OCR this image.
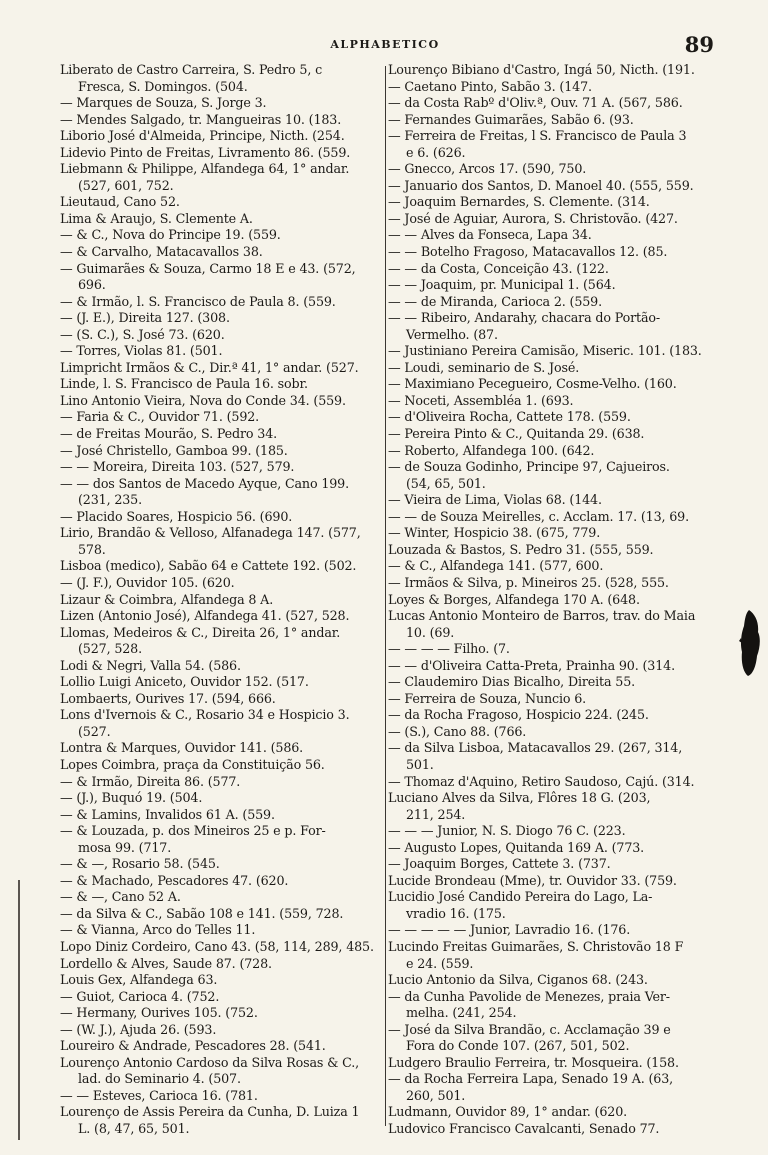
ALPHABETICO	89
Liberato de Castro Carreira, S. Pedro 5, c
Fresca, S. Domingos. (504.
— Marques de Souza, S. Jorge 3.
— Mendes Salgado, tr. Mangueiras 10. (183.
Liborio José d'Almeida, Principe, Nicth. (254.
Lidevio Pinto de Freitas, Livramento 86. (559.
Liebmann & Philippe, Alfandega 64, 1° andar.
(527, 601, 752.
Lieutaud, Cano 52.
Lima & Araujo, S. Clemente A.
— & C., Nova do Principe 19. (559.
— & Carvalho, Matacavallos 38.
— Guimarães & Souza, Carmo 18 E e 43. (572,
696.
— & Irmão, l. S. Francisco de Paula 8. (559.
— (J. E.), Direita 127. (308.
— (S. C.), S. José 73. (620.
— Torres, Violas 81. (501.
Limpricht Irmãos & C., Dir.ª 41, 1° andar. (527.
Linde, l. S. Francisco de Paula 16. sobr.
Lino Antonio Vieira, Nova do Conde 34. (559.
— Faria & C., Ouvidor 71. (592.
— de Freitas Mourão, S. Pedro 34.
— José Christello, Gamboa 99. (185.
— — Moreira, Direita 103. (527, 579.
— — dos Santos de Macedo Ayque, Cano 199.
(231, 235.
— Placido Soares, Hospicio 56. (690.
Lirio, Brandão & Velloso, Alfanadega 147. (577,
578.
Lisboa (medico), Sabão 64 e Cattete 192. (502.
— (J. F.), Ouvidor 105. (620.
Lizaur & Coimbra, Alfandega 8 A.
Lizen (Antonio José), Alfandega 41. (527, 528.
Llomas, Medeiros & C., Direita 26, 1° andar.
(527, 528.
Lodi & Negri, Valla 54. (586.
Lollio Luigi Aniceto, Ouvidor 152. (517.
Lombaerts, Ourives 17. (594, 666.
Lons d'Ivernois & C., Rosario 34 e Hospicio 3.
(527.
Lontra & Marques, Ouvidor 141. (586.
Lopes Coimbra, praça da Constituição 56.
— & Irmão, Direita 86. (577.
— (J.), Buquó 19. (504.
— & Lamins, Invalidos 61 A. (559.
— & Louzada, p. dos Mineiros 25 e p. For-
mosa 99. (717.
— & —, Rosario 58. (545.
— & Machado, Pescadores 47. (620.
— & —, Cano 52 A.
— da Silva & C., Sabão 108 e 141. (559, 728.
— & Vianna, Arco do Telles 11.
Lopo Diniz Cordeiro, Cano 43. (58, 114, 289, 485.
Lordello & Alves, Saude 87. (728.
Louis Gex, Alfandega 63.
— Guiot, Carioca 4. (752.
— Hermany, Ourives 105. (752.
— (W. J.), Ajuda 26. (593.
Loureiro & Andrade, Pescadores 28. (541.
Lourenço Antonio Cardoso da Silva Rosas & C.,
lad. do Seminario 4. (507.
— — Esteves, Carioca 16. (781.
Lourenço de Assis Pereira da Cunha, D. Luiza 1
L. (8, 47, 65, 501.
Lourenço Bibiano d'Castro, Ingá 50, Nicth. (191.
— Caetano Pinto, Sabão 3. (147.
— da Costa Rabº d'Oliv.ª, Ouv. 71 A. (567, 586.
— Fernandes Guimarães, Sabão 6. (93.
— Ferreira de Freitas, l S. Francisco de Paula 3
e 6. (626.
— Gnecco, Arcos 17. (590, 750.
— Januario dos Santos, D. Manoel 40. (555, 559.
— Joaquim Bernardes, S. Clemente. (314.
— José de Aguiar, Aurora, S. Christovão. (427.
— — Alves da Fonseca, Lapa 34.
— — Botelho Fragoso, Matacavallos 12. (85.
— — da Costa, Conceição 43. (122.
— — Joaquim, pr. Municipal 1. (564.
— — de Miranda, Carioca 2. (559.
— — Ribeiro, Andarahy, chacara do Portão-
Vermelho. (87.
— Justiniano Pereira Camisão, Miseric. 101. (183.
— Loudi, seminario de S. José.
— Maximiano Pecegueiro, Cosme-Velho. (160.
— Noceti, Assembléa 1. (693.
— d'Oliveira Rocha, Cattete 178. (559.
— Pereira Pinto & C., Quitanda 29. (638.
— Roberto, Alfandega 100. (642.
— de Souza Godinho, Principe 97, Cajueiros.
(54, 65, 501.
— Vieira de Lima, Violas 68. (144.
— — de Souza Meirelles, c. Acclam. 17. (13, 69.
— Winter, Hospicio 38. (675, 779.
Louzada & Bastos, S. Pedro 31. (555, 559.
— & C., Alfandega 141. (577, 600.
— Irmãos & Silva, p. Mineiros 25. (528, 555.
Loyes & Borges, Alfandega 170 A. (648.
Lucas Antonio Monteiro de Barros, trav. do Maia
10. (69.
— — — — Filho. (7.
— — d'Oliveira Catta-Preta, Prainha 90. (314.
— Claudemiro Dias Bicalho, Direita 55.
— Ferreira de Souza, Nuncio 6.
— da Rocha Fragoso, Hospicio 224. (245.
— (S.), Cano 88. (766.
— da Silva Lisboa, Matacavallos 29. (267, 314,
501.
— Thomaz d'Aquino, Retiro Saudoso, Cajú. (314.
Luciano Alves da Silva, Flôres 18 G. (203,
211, 254.
— — — Junior, N. S. Diogo 76 C. (223.
— Augusto Lopes, Quitanda 169 A. (773.
— Joaquim Borges, Cattete 3. (737.
Lucide Brondeau (Mme), tr. Ouvidor 33. (759.
Lucidio José Candido Pereira do Lago, La-
vradio 16. (175.
— — — — — Junior, Lavradio 16. (176.
Lucindo Freitas Guimarães, S. Christovão 18 F
e 24. (559.
Lucio Antonio da Silva, Ciganos 68. (243.
— da Cunha Pavolide de Menezes, praia Ver-
melha. (241, 254.
— José da Silva Brandão, c. Acclamação 39 e
Fora do Conde 107. (267, 501, 502.
Ludgero Braulio Ferreira, tr. Mosqueira. (158.
— da Rocha Ferreira Lapa, Senado 19 A. (63,
260, 501.
Ludmann, Ouvidor 89, 1° andar. (620.
Ludovico Francisco Cavalcanti, Senado 77.
